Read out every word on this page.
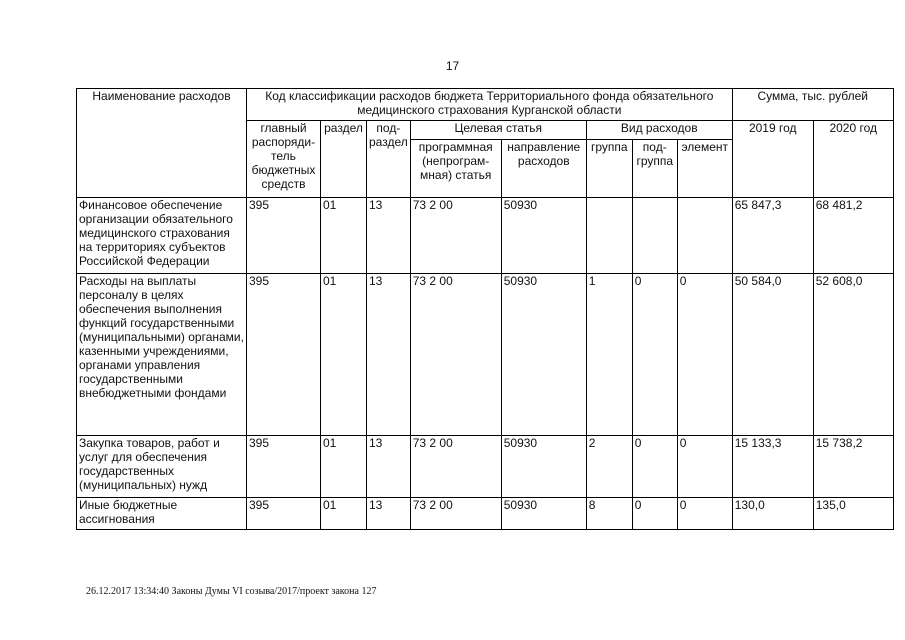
17
Наименование расходов	Код классификации расходов бюджета Территориального фонда обязательного медицинского страхования Курганской области								Сумма, тыс. рублей	
	главный распоряди- тель бюджетных средств	раздел	под- раздел	Целевая статья		Вид расходов			2019 год	2020 год
				программная (непрограм- мная) статья	направление расходов	группа	под- группа	элемент		
Финансовое обеспечение организации обязательного медицинского страхования на территориях субъектов Российской Федерации	395	01	13	73 2 00	50930				65 847,3	68 481,2
Расходы на выплаты персоналу в целях обеспечения выполнения функций государственными (муниципальными) органами, казенными учреждениями, органами управления государственными внебюджетными фондами	395	01	13	73 2 00	50930	1	0	0	50 584,0	52 608,0
Закупка товаров, работ и услуг для обеспечения государственных (муниципальных) нужд	395	01	13	73 2 00	50930	2	0	0	15 133,3	15 738,2
Иные бюджетные ассигнования	395	01	13	73 2 00	50930	8	0	0	130,0	135,0
26.12.2017 13:34:40 Законы Думы VI созыва/2017/проект закона 127
